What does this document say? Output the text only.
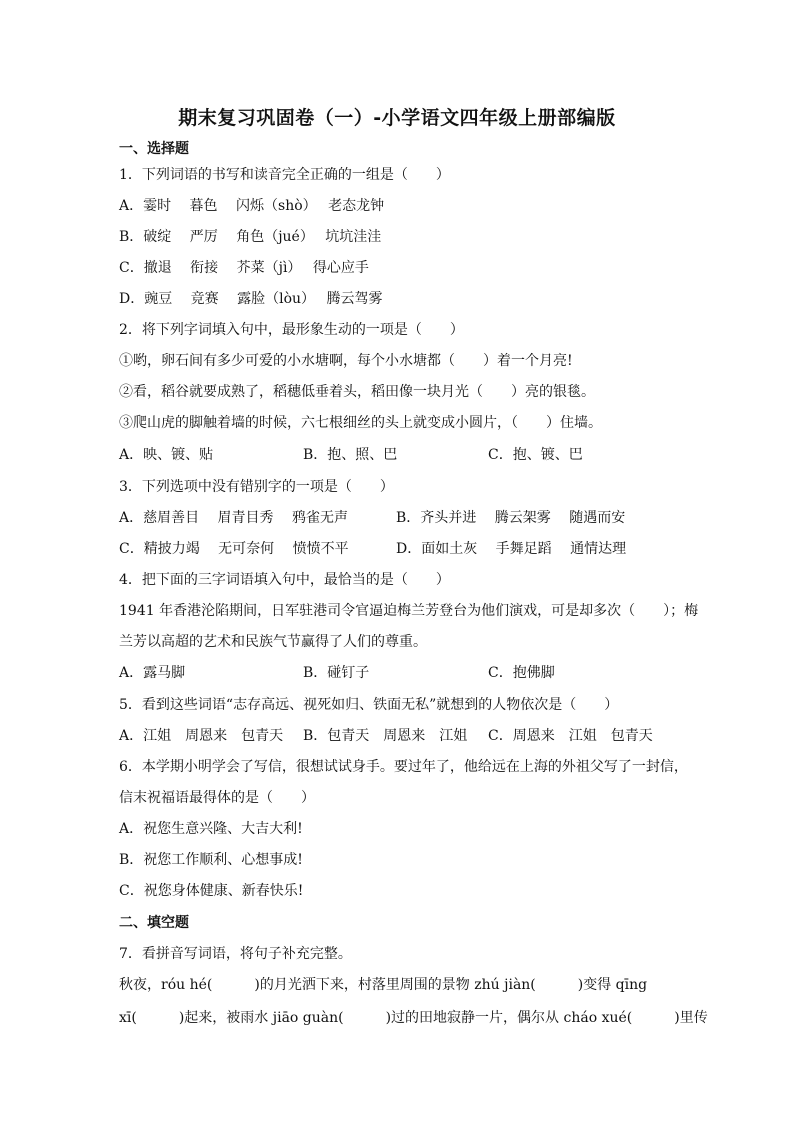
期末复习巩固卷（一）-小学语文四年级上册部编版
一、选择题
1．下列词语的书写和读音完全正确的一组是（　　）
A．霎时　 暮色　 闪烁（shò）　 老态龙钟
B．破绽　 严厉　 角色（jué）　 坑坑洼洼
C．撤退　 衔接　 芥菜（jì）　 得心应手
D．豌豆　 竞赛　 露脸（lòu）　 腾云驾雾
2．将下列字词填入句中，最形象生动的一项是（　　）
①哟，卵石间有多少可爱的小水塘啊，每个小水塘都（　　）着一个月亮!
②看，稻谷就要成熟了，稻穗低垂着头，稻田像一块月光（　　）亮的银毯。
③爬山虎的脚触着墙的时候，六七根细丝的头上就变成小圆片，（　　）住墙。
A．映、镀、贴	B．抱、照、巴	C．抱、镀、巴
3．下列选项中没有错别字的一项是（　　）
A．慈眉善目　 眉青目秀　 鸦雀无声	B．齐头并进　 腾云架雾　 随遇而安
C．精披力竭　 无可奈何　 愤愤不平	D．面如土灰　 手舞足蹈　 通情达理
4．把下面的三字词语填入句中，最恰当的是（　　）
1941 年香港沦陷期间，日军驻港司令官逼迫梅兰芳登台为他们演戏，可是却多次（　　）；梅
兰芳以高超的艺术和民族气节赢得了人们的尊重。
A．露马脚	B．碰钉子	C．抱佛脚
5．看到这些词语“志存高远、视死如归、铁面无私”就想到的人物依次是（　　）
A．江姐　周恩来　包青天 B．包青天　周恩来　江姐 C．周恩来　江姐　包青天
6．本学期小明学会了写信，很想试试身手。要过年了，他给远在上海的外祖父写了一封信，
信末祝福语最得体的是（　　）
A．祝您生意兴隆、大吉大利!
B．祝您工作顺利、心想事成!
C．祝您身体健康、新春快乐!
二、填空题
7．看拼音写词语，将句子补充完整。
秋夜，róu hé(　　　)的月光洒下来，村落里周围的景物 zhú jiàn(　　　)变得 qīng
xī(　　　)起来，被雨水 jiāo guàn(　　　)过的田地寂静一片，偶尔从 cháo xué(　　　)里传
